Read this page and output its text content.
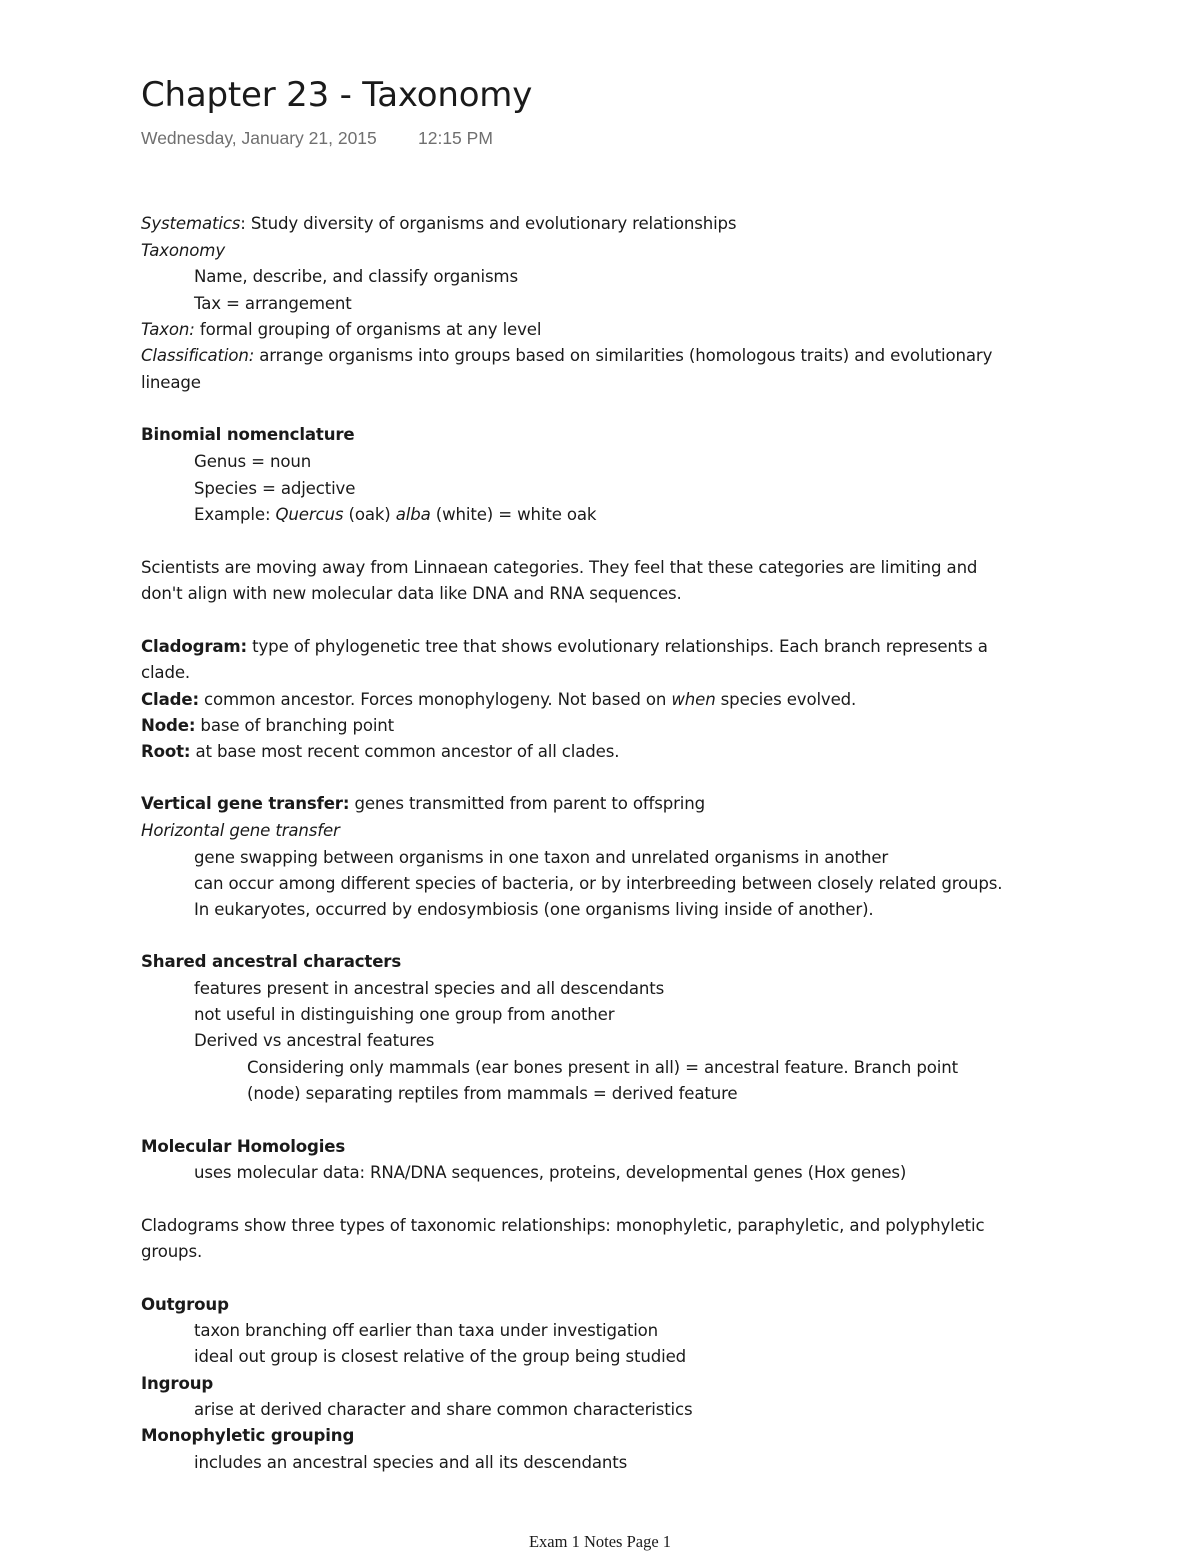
Chapter 23 - Taxonomy
Wednesday, January 21, 2015 12:15 PM
Systematics: Study diversity of organisms and evolutionary relationships
Taxonomy
Name, describe, and classify organisms
Tax = arrangement
Taxon: formal grouping of organisms at any level
Classification: arrange organisms into groups based on similarities (homologous traits) and evolutionary
lineage
Binomial nomenclature
Genus = noun
Species = adjective
Example: Quercus (oak) alba (white) = white oak
Scientists are moving away from Linnaean categories. They feel that these categories are limiting and
don't align with new molecular data like DNA and RNA sequences.
Cladogram: type of phylogenetic tree that shows evolutionary relationships. Each branch represents a
clade.
Clade: common ancestor. Forces monophylogeny. Not based on when species evolved.
Node: base of branching point
Root: at base most recent common ancestor of all clades.
Vertical gene transfer: genes transmitted from parent to offspring
Horizontal gene transfer
gene swapping between organisms in one taxon and unrelated organisms in another
can occur among different species of bacteria, or by interbreeding between closely related groups.
In eukaryotes, occurred by endosymbiosis (one organisms living inside of another).
Shared ancestral characters
features present in ancestral species and all descendants
not useful in distinguishing one group from another
Derived vs ancestral features
Considering only mammals (ear bones present in all) = ancestral feature. Branch point
(node) separating reptiles from mammals = derived feature
Molecular Homologies
uses molecular data: RNA/DNA sequences, proteins, developmental genes (Hox genes)
Cladograms show three types of taxonomic relationships: monophyletic, paraphyletic, and polyphyletic
groups.
Outgroup
taxon branching off earlier than taxa under investigation
ideal out group is closest relative of the group being studied
Ingroup
arise at derived character and share common characteristics
Monophyletic grouping
includes an ancestral species and all its descendants
Exam 1 Notes Page 1
